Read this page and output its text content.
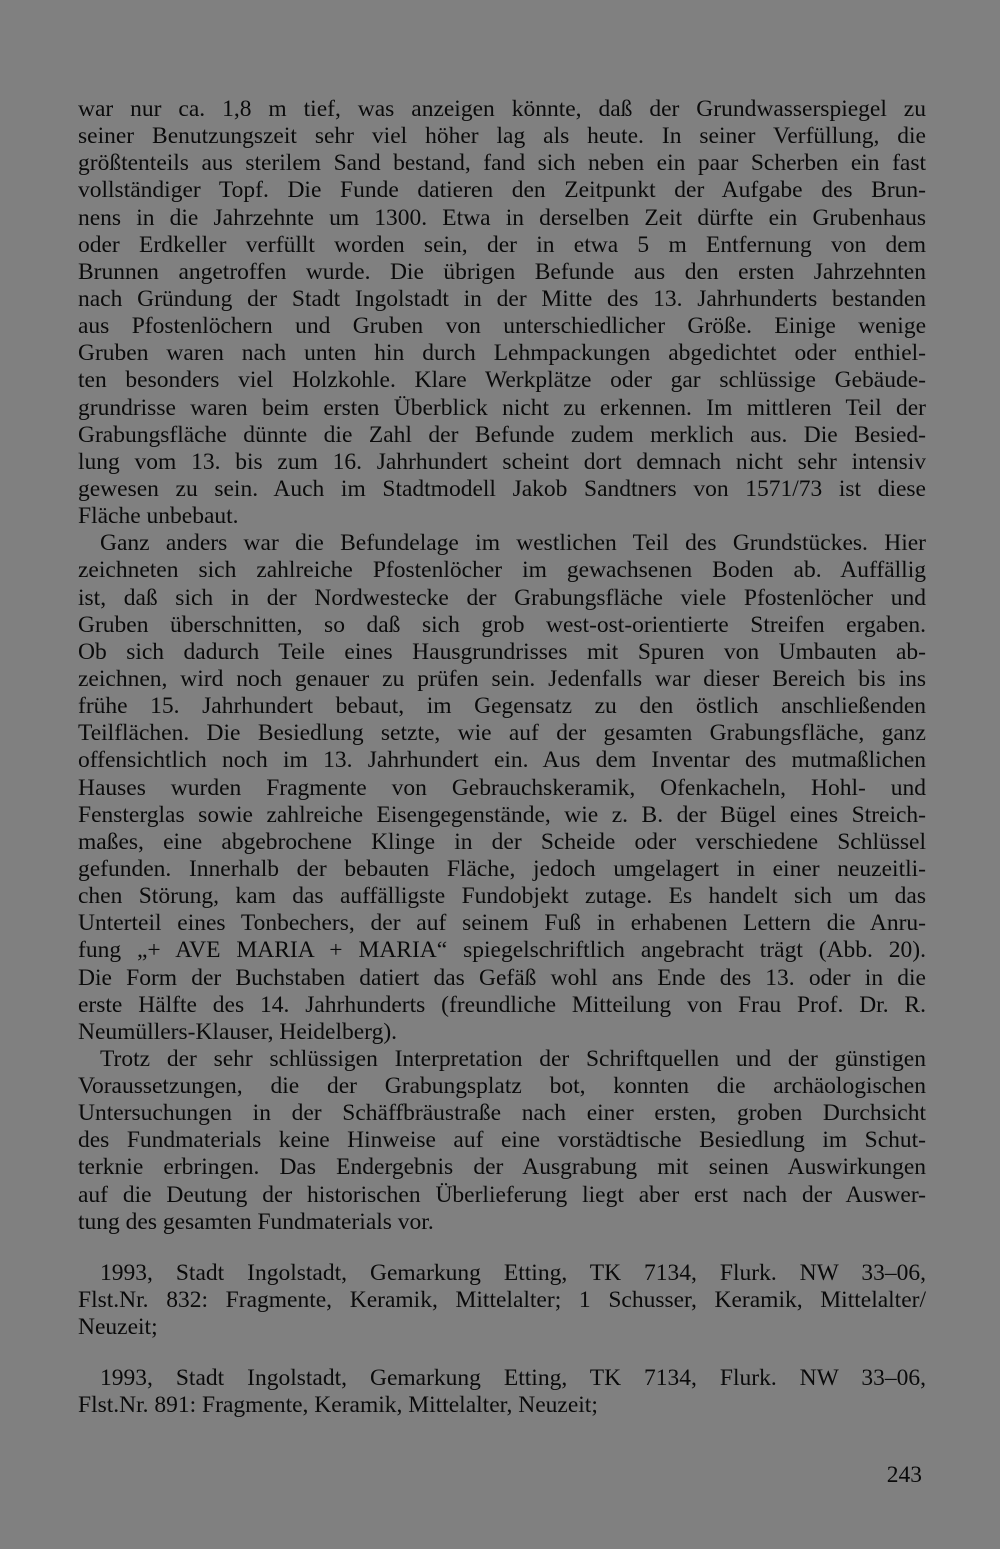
war nur ca. 1,8 m tief, was anzeigen könnte, daß der Grundwasserspiegel zu
seiner Benutzungszeit sehr viel höher lag als heute. In seiner Verfüllung, die
größtenteils aus sterilem Sand bestand, fand sich neben ein paar Scherben ein fast
vollständiger Topf. Die Funde datieren den Zeitpunkt der Aufgabe des Brun-
nens in die Jahrzehnte um 1300. Etwa in derselben Zeit dürfte ein Grubenhaus
oder Erdkeller verfüllt worden sein, der in etwa 5 m Entfernung von dem
Brunnen angetroffen wurde. Die übrigen Befunde aus den ersten Jahrzehnten
nach Gründung der Stadt Ingolstadt in der Mitte des 13. Jahrhunderts bestanden
aus Pfostenlöchern und Gruben von unterschiedlicher Größe. Einige wenige
Gruben waren nach unten hin durch Lehmpackungen abgedichtet oder enthiel-
ten besonders viel Holzkohle. Klare Werkplätze oder gar schlüssige Gebäude-
grundrisse waren beim ersten Überblick nicht zu erkennen. Im mittleren Teil der
Grabungsfläche dünnte die Zahl der Befunde zudem merklich aus. Die Besied-
lung vom 13. bis zum 16. Jahrhundert scheint dort demnach nicht sehr intensiv
gewesen zu sein. Auch im Stadtmodell Jakob Sandtners von 1571/73 ist diese
Fläche unbebaut.

Ganz anders war die Befundelage im westlichen Teil des Grundstückes. Hier
zeichneten sich zahlreiche Pfostenlöcher im gewachsenen Boden ab. Auffällig
ist, daß sich in der Nordwestecke der Grabungsfläche viele Pfostenlöcher und
Gruben überschnitten, so daß sich grob west-ost-orientierte Streifen ergaben.
Ob sich dadurch Teile eines Hausgrundrisses mit Spuren von Umbauten ab-
zeichnen, wird noch genauer zu prüfen sein. Jedenfalls war dieser Bereich bis ins
frühe 15. Jahrhundert bebaut, im Gegensatz zu den östlich anschließenden
Teilflächen. Die Besiedlung setzte, wie auf der gesamten Grabungsfläche, ganz
offensichtlich noch im 13. Jahrhundert ein. Aus dem Inventar des mutmaßlichen
Hauses wurden Fragmente von Gebrauchskeramik, Ofenkacheln, Hohl- und
Fensterglas sowie zahlreiche Eisengegenstände, wie z. B. der Bügel eines Streich-
maßes, eine abgebrochene Klinge in der Scheide oder verschiedene Schlüssel
gefunden. Innerhalb der bebauten Fläche, jedoch umgelagert in einer neuzeitli-
chen Störung, kam das auffälligste Fundobjekt zutage. Es handelt sich um das
Unterteil eines Tonbechers, der auf seinem Fuß in erhabenen Lettern die Anru-
fung „+ AVE MARIA + MARIA“ spiegelschriftlich angebracht trägt (Abb. 20).
Die Form der Buchstaben datiert das Gefäß wohl ans Ende des 13. oder in die
erste Hälfte des 14. Jahrhunderts (freundliche Mitteilung von Frau Prof. Dr. R.
Neumüllers-Klauser, Heidelberg).

Trotz der sehr schlüssigen Interpretation der Schriftquellen und der günstigen
Voraussetzungen, die der Grabungsplatz bot, konnten die archäologischen
Untersuchungen in der Schäffbräustraße nach einer ersten, groben Durchsicht
des Fundmaterials keine Hinweise auf eine vorstädtische Besiedlung im Schut-
terknie erbringen. Das Endergebnis der Ausgrabung mit seinen Auswirkungen
auf die Deutung der historischen Überlieferung liegt aber erst nach der Auswer-
tung des gesamten Fundmaterials vor.

1993, Stadt Ingolstadt, Gemarkung Etting, TK 7134, Flurk. NW 33–06,
Flst.Nr. 832: Fragmente, Keramik, Mittelalter; 1 Schusser, Keramik, Mittelalter/
Neuzeit;

1993, Stadt Ingolstadt, Gemarkung Etting, TK 7134, Flurk. NW 33–06,
Flst.Nr. 891: Fragmente, Keramik, Mittelalter, Neuzeit;

243
